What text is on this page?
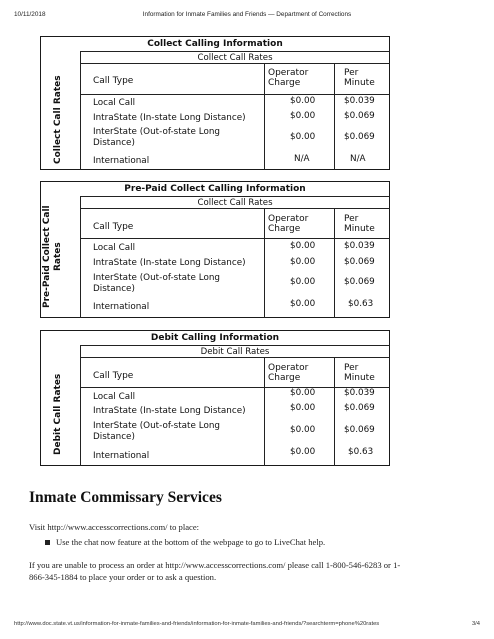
10/11/2018	Information for Inmate Families and Friends — Department of Corrections
Collect Calling Information
Collect Call Rates
Collect Call Rates	Call Type
Operator Charge
Per Minute
Local Call	$0.00	$0.039
IntraState (In-state Long Distance)	$0.00	$0.069
InterState (Out-of-state Long Distance)
$0.00	$0.069
International	N/A	N/A
Pre-Paid Collect Calling Information
Collect Call Rates
Pre-Paid Collect Call Rates
Call Type
Operator Charge
Per Minute
Local Call	$0.00	$0.039
IntraState (In-state Long Distance)	$0.00	$0.069
InterState (Out-of-state Long Distance)
$0.00	$0.069
International	$0.00	$0.63
Debit Calling Information
Debit Call Rates
Debit Call Rates	Call Type
Operator Charge
Per Minute
Local Call	$0.00	$0.039
IntraState (In-state Long Distance)	$0.00	$0.069
InterState (Out-of-state Long Distance)
$0.00	$0.069
International	$0.00	$0.63
Inmate Commissary Services

Visit http://www.accesscorrections.com/ to place:

Use the chat now feature at the bottom of the webpage to go to LiveChat help.

If you are unable to process an order at http://www.accesscorrections.com/ please call 1-800-546-6283 or 1-
866-345-1884 to place your order or to ask a question.

http://www.doc.state.vt.us/information-for-inmate-families-and-friends/information-for-inmate-families-and-friends/?searchterm=phone%20rates	3/4
